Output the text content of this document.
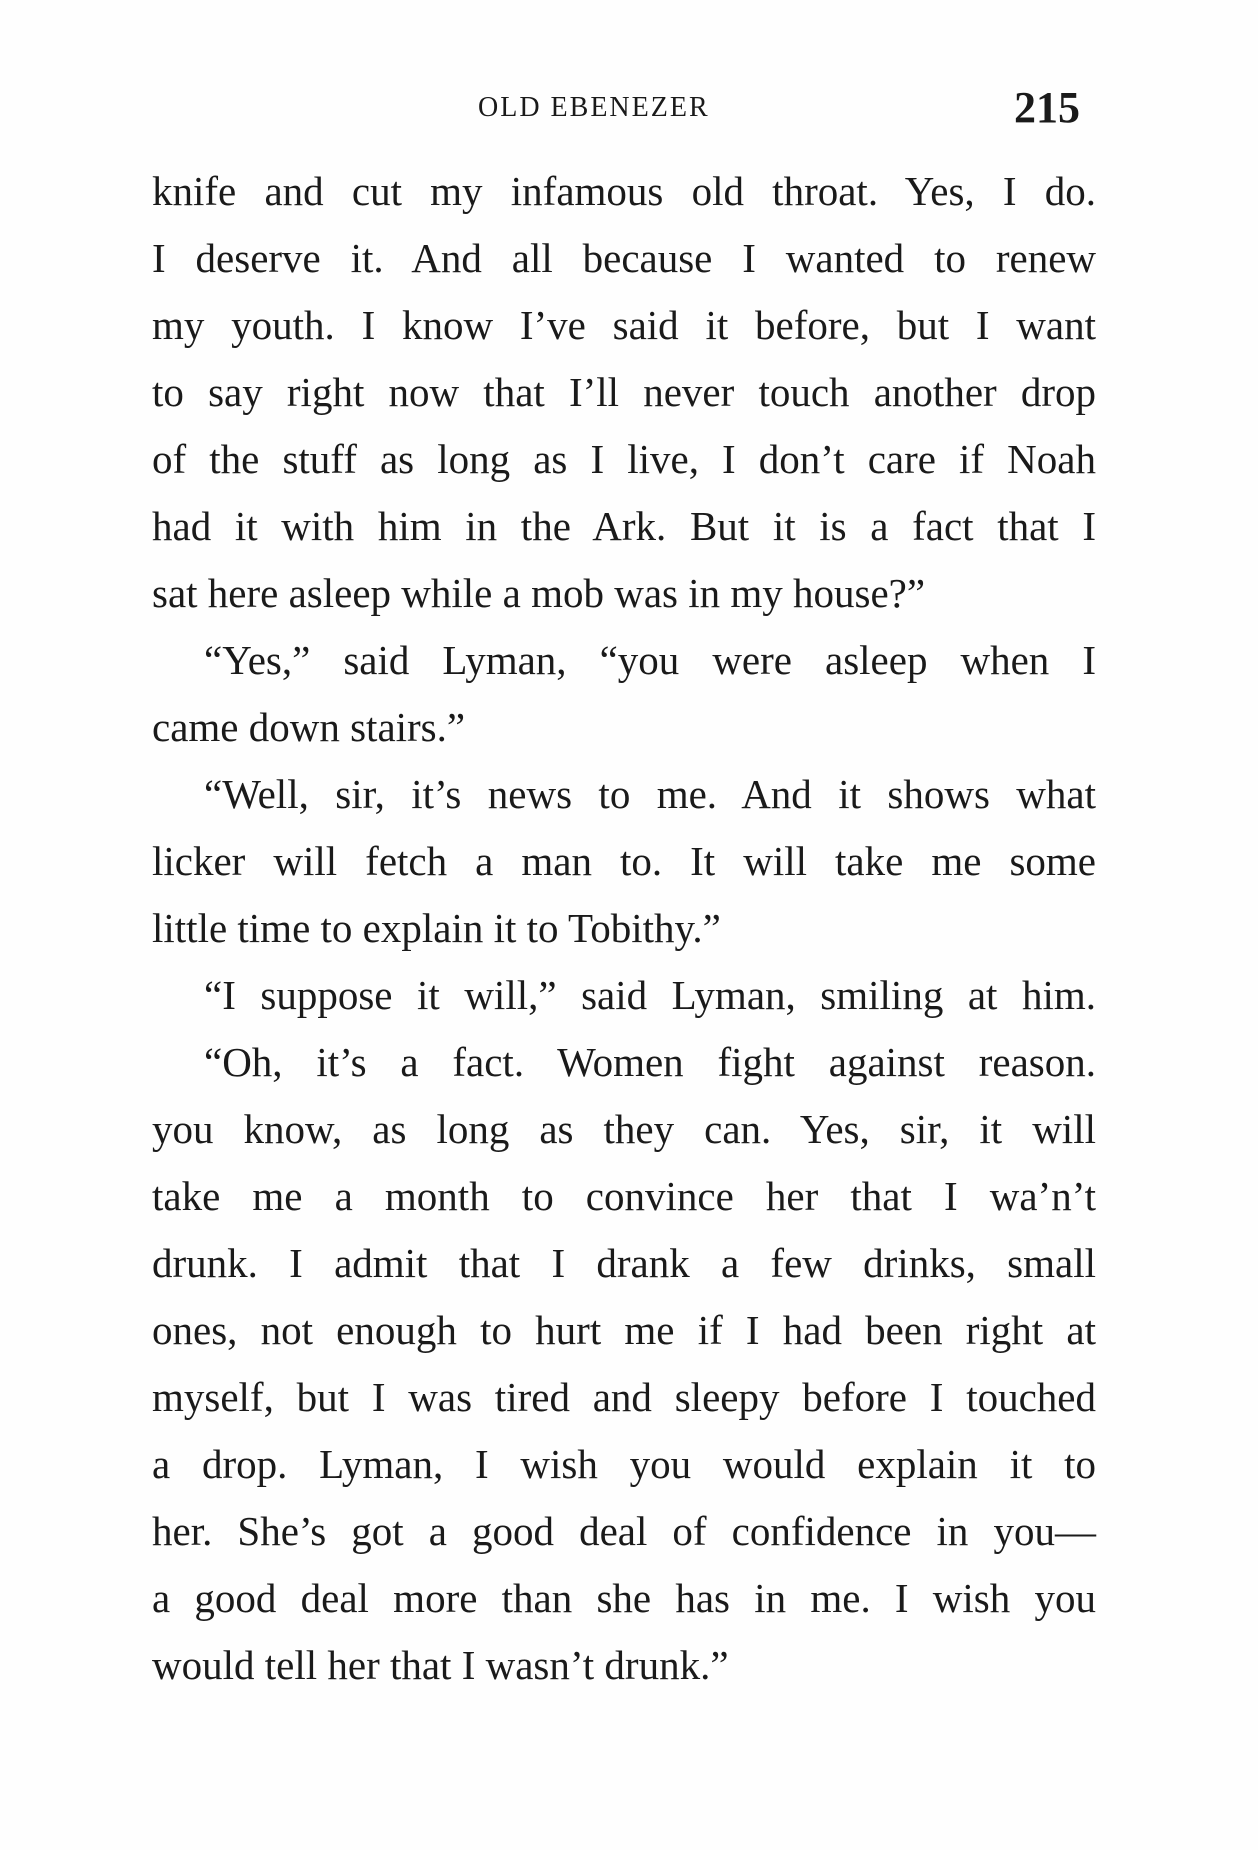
OLD EBENEZER	215
knife and cut my infamous old throat. Yes, I do.
I deserve it. And all because I wanted to renew
my youth. I know I’ve said it before, but I want
to say right now that I’ll never touch another drop
of the stuff as long as I live, I don’t care if Noah
had it with him in the Ark. But it is a fact that I
sat here asleep while a mob was in my house?”
“Yes,” said Lyman, “you were asleep when I
came down stairs.”
“Well, sir, it’s news to me. And it shows what
licker will fetch a man to. It will take me some
little time to explain it to Tobithy.”
“I suppose it will,” said Lyman, smiling at him.
“Oh, it’s a fact. Women fight against reason.
you know, as long as they can. Yes, sir, it will
take me a month to convince her that I wa’n’t
drunk. I admit that I drank a few drinks, small
ones, not enough to hurt me if I had been right at
myself, but I was tired and sleepy before I touched
a drop. Lyman, I wish you would explain it to
her. She’s got a good deal of confidence in you—
a good deal more than she has in me. I wish you
would tell her that I wasn’t drunk.”
